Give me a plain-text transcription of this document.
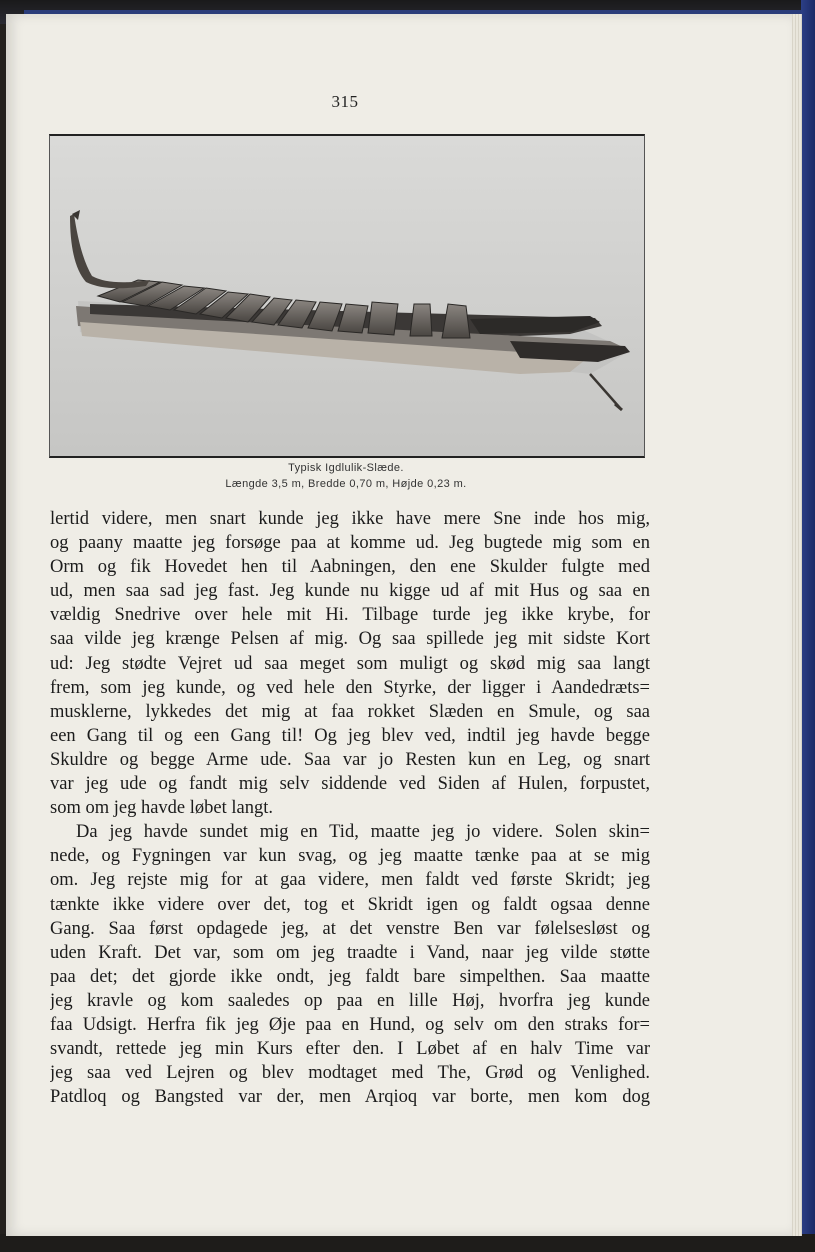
315
Typisk Igdlulik-Slæde.
Længde 3,5 m, Bredde 0,70 m, Højde 0,23 m.
lertid videre, men snart kunde jeg ikke have mere Sne inde hos mig,
og paany maatte jeg forsøge paa at komme ud. Jeg bugtede mig som en
Orm og fik Hovedet hen til Aabningen, den ene Skulder fulgte med
ud, men saa sad jeg fast. Jeg kunde nu kigge ud af mit Hus og saa en
vældig Snedrive over hele mit Hi. Tilbage turde jeg ikke krybe, for
saa vilde jeg krænge Pelsen af mig. Og saa spillede jeg mit sidste Kort
ud: Jeg stødte Vejret ud saa meget som muligt og skød mig saa langt
frem, som jeg kunde, og ved hele den Styrke, der ligger i Aandedræts=
musklerne, lykkedes det mig at faa rokket Slæden en Smule, og saa
een Gang til og een Gang til! Og jeg blev ved, indtil jeg havde begge
Skuldre og begge Arme ude. Saa var jo Resten kun en Leg, og snart
var jeg ude og fandt mig selv siddende ved Siden af Hulen, forpustet,
som om jeg havde løbet langt.
Da jeg havde sundet mig en Tid, maatte jeg jo videre. Solen skin=
nede, og Fygningen var kun svag, og jeg maatte tænke paa at se mig
om. Jeg rejste mig for at gaa videre, men faldt ved første Skridt; jeg
tænkte ikke videre over det, tog et Skridt igen og faldt ogsaa denne
Gang. Saa først opdagede jeg, at det venstre Ben var følelsesløst og
uden Kraft. Det var, som om jeg traadte i Vand, naar jeg vilde støtte
paa det; det gjorde ikke ondt, jeg faldt bare simpelthen. Saa maatte
jeg kravle og kom saaledes op paa en lille Høj, hvorfra jeg kunde
faa Udsigt. Herfra fik jeg Øje paa en Hund, og selv om den straks for=
svandt, rettede jeg min Kurs efter den. I Løbet af en halv Time var
jeg saa ved Lejren og blev modtaget med The, Grød og Venlighed.
Patdloq og Bangsted var der, men Arqioq var borte, men kom dog
